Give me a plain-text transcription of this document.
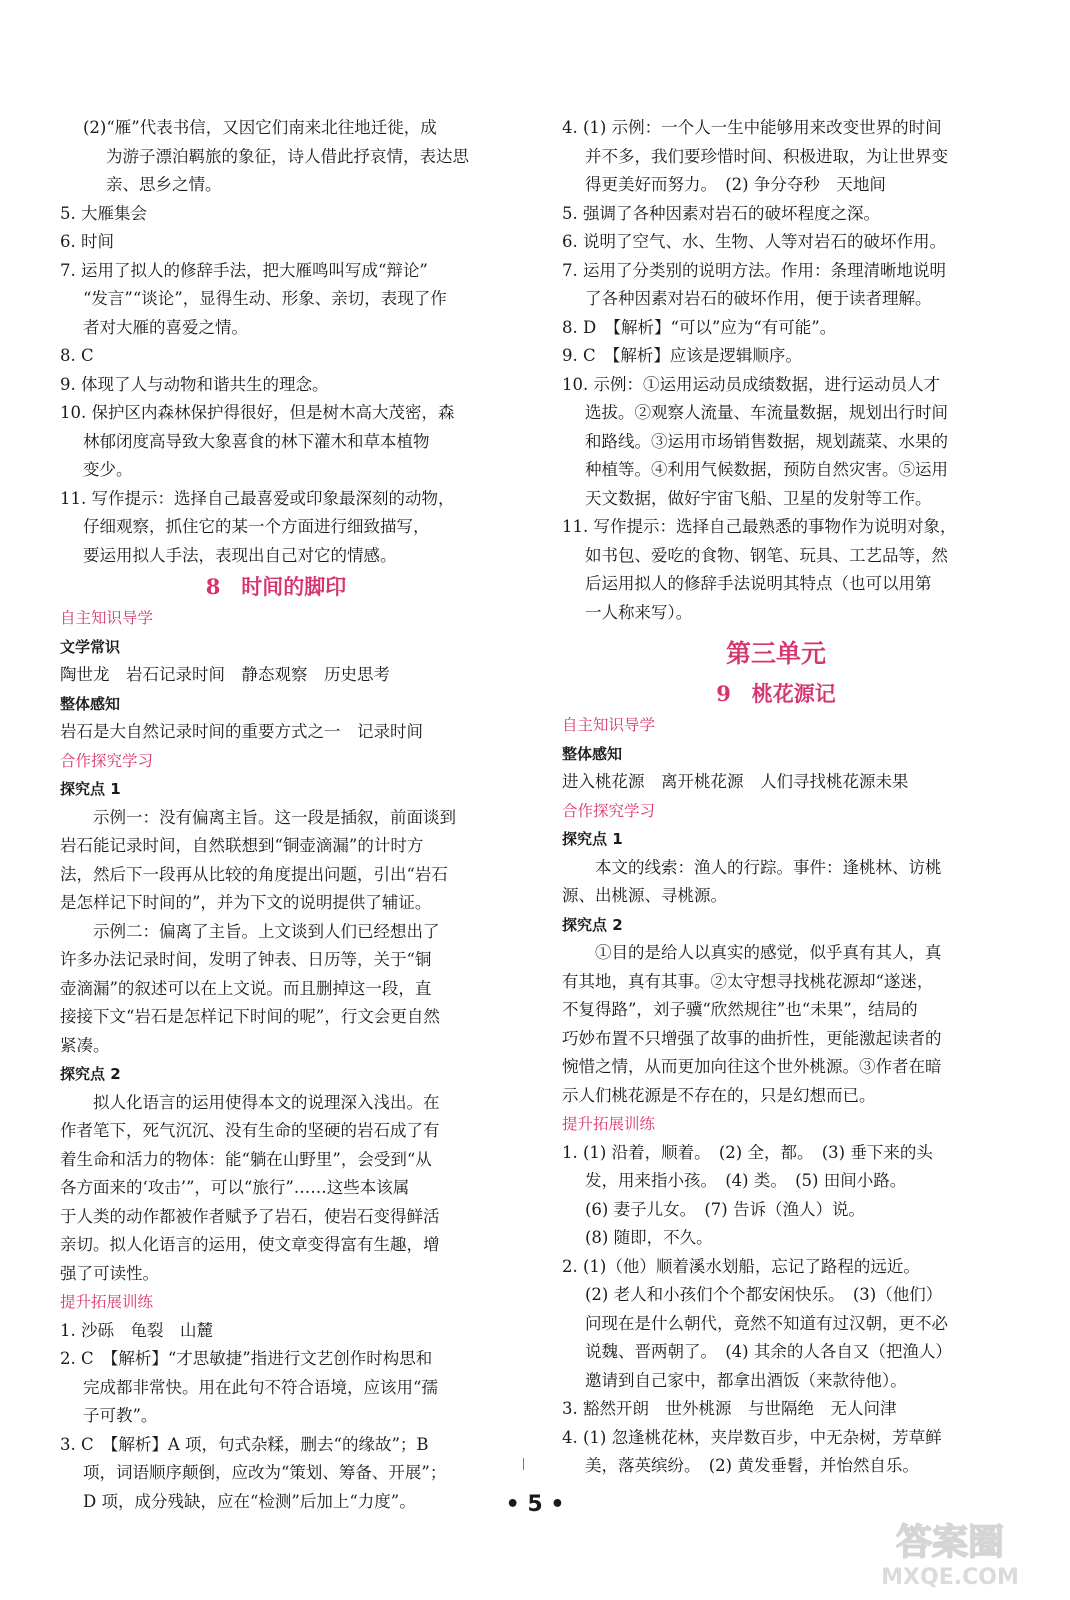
(2)“雁”代表书信，又因它们南来北往地迁徙，成
为游子漂泊羁旅的象征，诗人借此抒哀情，表达思
亲、思乡之情。
5. 大雁集会
6. 时间
7. 运用了拟人的修辞手法，把大雁鸣叫写成“辩论”
“发言”“谈论”，显得生动、形象、亲切，表现了作
者对大雁的喜爱之情。
8. C
9. 体现了人与动物和谐共生的理念。
10. 保护区内森林保护得很好，但是树木高大茂密，森
林郁闭度高导致大象喜食的林下灌木和草本植物
变少。
11. 写作提示：选择自己最喜爱或印象最深刻的动物，
仔细观察，抓住它的某一个方面进行细致描写，
要运用拟人手法，表现出自己对它的情感。
8　时间的脚印
自主知识导学
文学常识
陶世龙　岩石记录时间　静态观察　历史思考
整体感知
岩石是大自然记录时间的重要方式之一　记录时间
合作探究学习
探究点 1
示例一：没有偏离主旨。这一段是插叙，前面谈到
岩石能记录时间，自然联想到“铜壶滴漏”的计时方
法，然后下一段再从比较的角度提出问题，引出“岩石
是怎样记下时间的”，并为下文的说明提供了辅证。
示例二：偏离了主旨。上文谈到人们已经想出了
许多办法记录时间，发明了钟表、日历等，关于“铜
壶滴漏”的叙述可以在上文说。而且删掉这一段，直
接接下文“岩石是怎样记下时间的呢”，行文会更自然
紧凑。
探究点 2
拟人化语言的运用使得本文的说理深入浅出。在
作者笔下，死气沉沉、没有生命的坚硬的岩石成了有
着生命和活力的物体：能“躺在山野里”，会受到“从
各方面来的‘攻击’”，可以“旅行”……这些本该属
于人类的动作都被作者赋予了岩石，使岩石变得鲜活
亲切。拟人化语言的运用，使文章变得富有生趣，增
强了可读性。
提升拓展训练
1. 沙砾　龟裂　山麓
2. C　【解析】“才思敏捷”指进行文艺创作时构思和
完成都非常快。用在此句不符合语境，应该用“孺
子可教”。
3. C　【解析】A 项，句式杂糅，删去“的缘故”；B
项，词语顺序颠倒，应改为“策划、筹备、开展”；
D 项，成分残缺，应在“检测”后加上“力度”。
4. (1) 示例：一个人一生中能够用来改变世界的时间
并不多，我们要珍惜时间、积极进取，为让世界变
得更美好而努力。　(2) 争分夺秒　天地间
5. 强调了各种因素对岩石的破坏程度之深。
6. 说明了空气、水、生物、人等对岩石的破坏作用。
7. 运用了分类别的说明方法。作用：条理清晰地说明
了各种因素对岩石的破坏作用，便于读者理解。
8. D　【解析】“可以”应为“有可能”。
9. C　【解析】应该是逻辑顺序。
10. 示例：①运用运动员成绩数据，进行运动员人才
选拔。②观察人流量、车流量数据，规划出行时间
和路线。③运用市场销售数据，规划蔬菜、水果的
种植等。④利用气候数据，预防自然灾害。⑤运用
天文数据，做好宇宙飞船、卫星的发射等工作。
11. 写作提示：选择自己最熟悉的事物作为说明对象，
如书包、爱吃的食物、钢笔、玩具、工艺品等，然
后运用拟人的修辞手法说明其特点（也可以用第
一人称来写）。
第三单元
9　桃花源记
自主知识导学
整体感知
进入桃花源　离开桃花源　人们寻找桃花源未果
合作探究学习
探究点 1
本文的线索：渔人的行踪。事件：逢桃林、访桃
源、出桃源、寻桃源。
探究点 2
①目的是给人以真实的感觉，似乎真有其人，真
有其地，真有其事。②太守想寻找桃花源却“遂迷，
不复得路”，刘子骥“欣然规往”也“未果”，结局的
巧妙布置不只增强了故事的曲折性，更能激起读者的
惋惜之情，从而更加向往这个世外桃源。③作者在暗
示人们桃花源是不存在的，只是幻想而已。
提升拓展训练
1. (1) 沿着，顺着。　(2) 全，都。　(3) 垂下来的头
发，用来指小孩。　(4) 类。　(5) 田间小路。
(6) 妻子儿女。　(7) 告诉（渔人）说。
(8) 随即，不久。
2. (1)（他）顺着溪水划船，忘记了路程的远近。
(2) 老人和小孩们个个都安闲快乐。　(3)（他们）
问现在是什么朝代，竟然不知道有过汉朝，更不必
说魏、晋两朝了。　(4) 其余的人各自又（把渔人）
邀请到自己家中，都拿出酒饭（来款待他）。
3. 豁然开朗　世外桃源　与世隔绝　无人问津
4. (1) 忽逢桃花林，夹岸数百步，中无杂树，芳草鲜
美，落英缤纷。　(2) 黄发垂髫，并怡然自乐。
• 5 •
答案圈
MXQE.COM
